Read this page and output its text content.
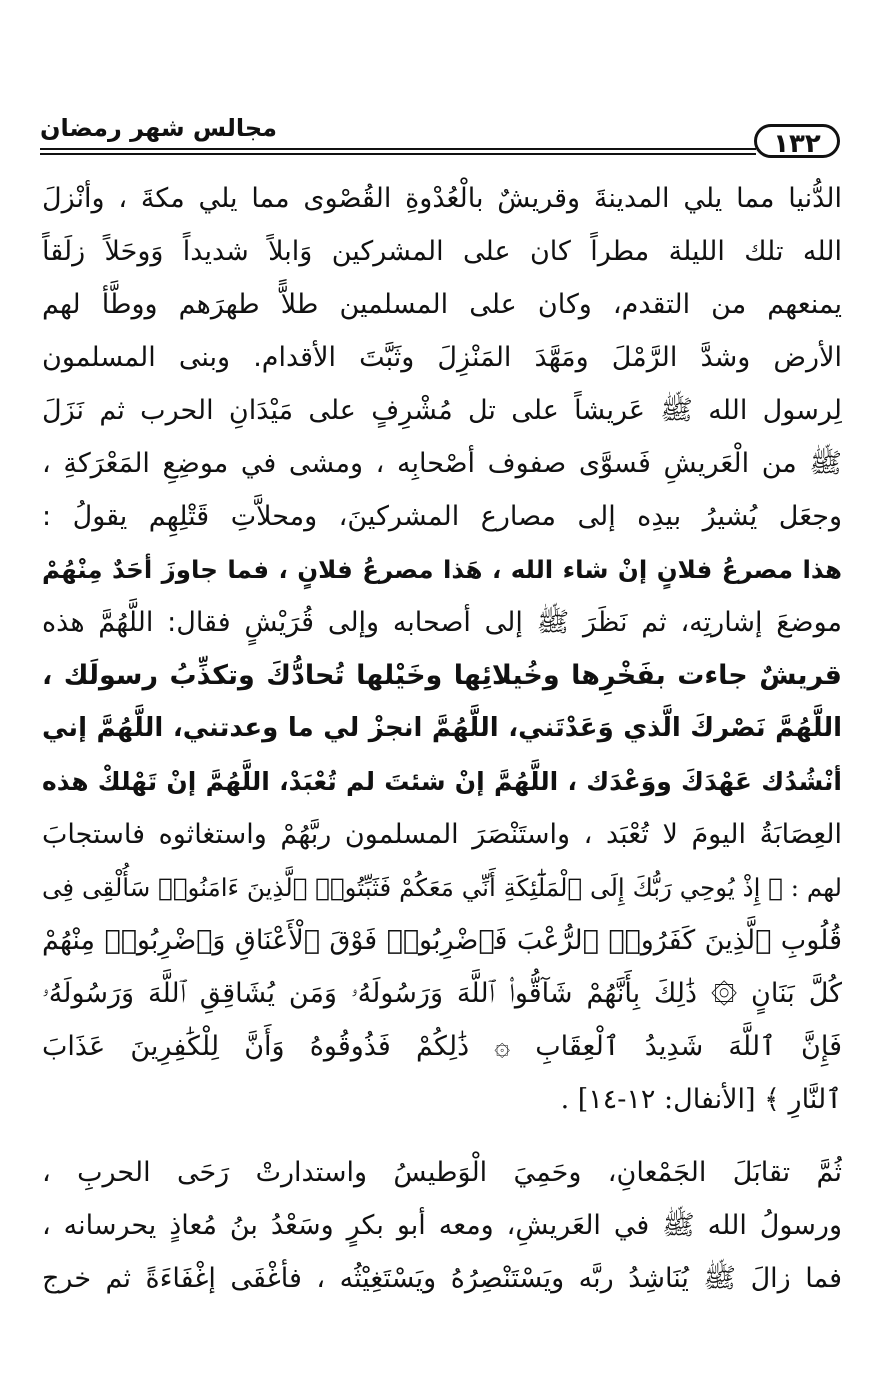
مجالس شهر رمضان
١٣٢
الدُّنيا مما يلي المدينةَ وقريشٌ بالْعُدْوةِ القُصْوى مما يلي مكةَ ، وأنْزلَ
الله تلك الليلة مطراً كان على المشركين وَابلاً شديداً وَوحَلاً زلَقاً
يمنعهم من التقدم، وكان على المسلمين طلاًّ طهرَهم ووطَّأ لهم
الأرض وشدَّ الرَّمْلَ ومَهَّدَ المَنْزِلَ وثَبَّتَ الأقدام. وبنى المسلمون
لِرسول الله ﷺ عَريشاً على تل مُشْرِفٍ على مَيْدَانِ الحرب ثم نَزَلَ
ﷺ من الْعَريشِ فَسوَّى صفوف أصْحابِه ، ومشى في موضِعِ المَعْرَكةِ ،
وجعَل يُشيرُ بيدِه إلى مصارع المشركينَ، ومحلاَّتِ قَتْلِهِم يقولُ :
هذا مصرعُ فلانٍ إنْ شاء الله ، هَذا مصرعُ فلانٍ ، فما جاوزَ أحَدٌ مِنْهُمْ
موضعَ إشارتِه، ثم نَظَرَ ﷺ إلى أصحابه وإلى قُرَيْشٍ فقال: اللَّهُمَّ هذه
قريشٌ جاءت بفَخْرِها وخُيلائِها وخَيْلها تُحادُّكَ وتكذِّبُ رسولَك ،
اللَّهُمَّ نَصْركَ الَّذي وَعَدْتَني، اللَّهُمَّ انجزْ لي ما وعدتني، اللَّهُمَّ إني
أنْشُدُك عَهْدَكَ ووَعْدَك ، اللَّهُمَّ إنْ شئتَ لم تُعْبَدْ، اللَّهُمَّ إنْ تَهْلكْ هذه
العِصَابَةُ اليومَ لا تُعْبَد ، واستَنْصَرَ المسلمون ربَّهُمْ واستغاثوه فاستجابَ
لهم : ﴿ إِذْ يُوحِي رَبُّكَ إِلَى ٱلْمَلَٰٓئِكَةِ أَنِّي مَعَكُمْ فَثَبِّتُوا۟ ٱلَّذِينَ ءَامَنُوا۟ سَأُلْقِى فِى
قُلُوبِ ٱلَّذِينَ كَفَرُوا۟ ٱلرُّعْبَ فَٱضْرِبُوا۟ فَوْقَ ٱلْأَعْنَاقِ وَٱضْرِبُوا۟ مِنْهُمْ
كُلَّ بَنَانٍ ۞ ذَٰلِكَ بِأَنَّهُمْ شَآقُّوا۟ ٱللَّهَ وَرَسُولَهُۥ وَمَن يُشَاقِقِ ٱللَّهَ وَرَسُولَهُۥ
فَإِنَّ ٱللَّهَ شَدِيدُ ٱلْعِقَابِ ۞ ذَٰلِكُمْ فَذُوقُوهُ وَأَنَّ لِلْكَٰفِرِينَ عَذَابَ
ٱلنَّارِ ﴾ [الأنفال: ١٢-١٤] .
ثُمَّ تقابَلَ الجَمْعانِ، وحَمِيَ الْوَطيسُ واستدارتْ رَحَى الحربِ ،
ورسولُ الله ﷺ في العَريشِ، ومعه أبو بكرٍ وسَعْدُ بنُ مُعاذٍ يحرسانه ،
فما زالَ ﷺ يُنَاشِدُ ربَّه ويَسْتَنْصِرُهُ ويَسْتَغِيْثُه ، فأغْفَى إغْفَاءَةً ثم خرج
